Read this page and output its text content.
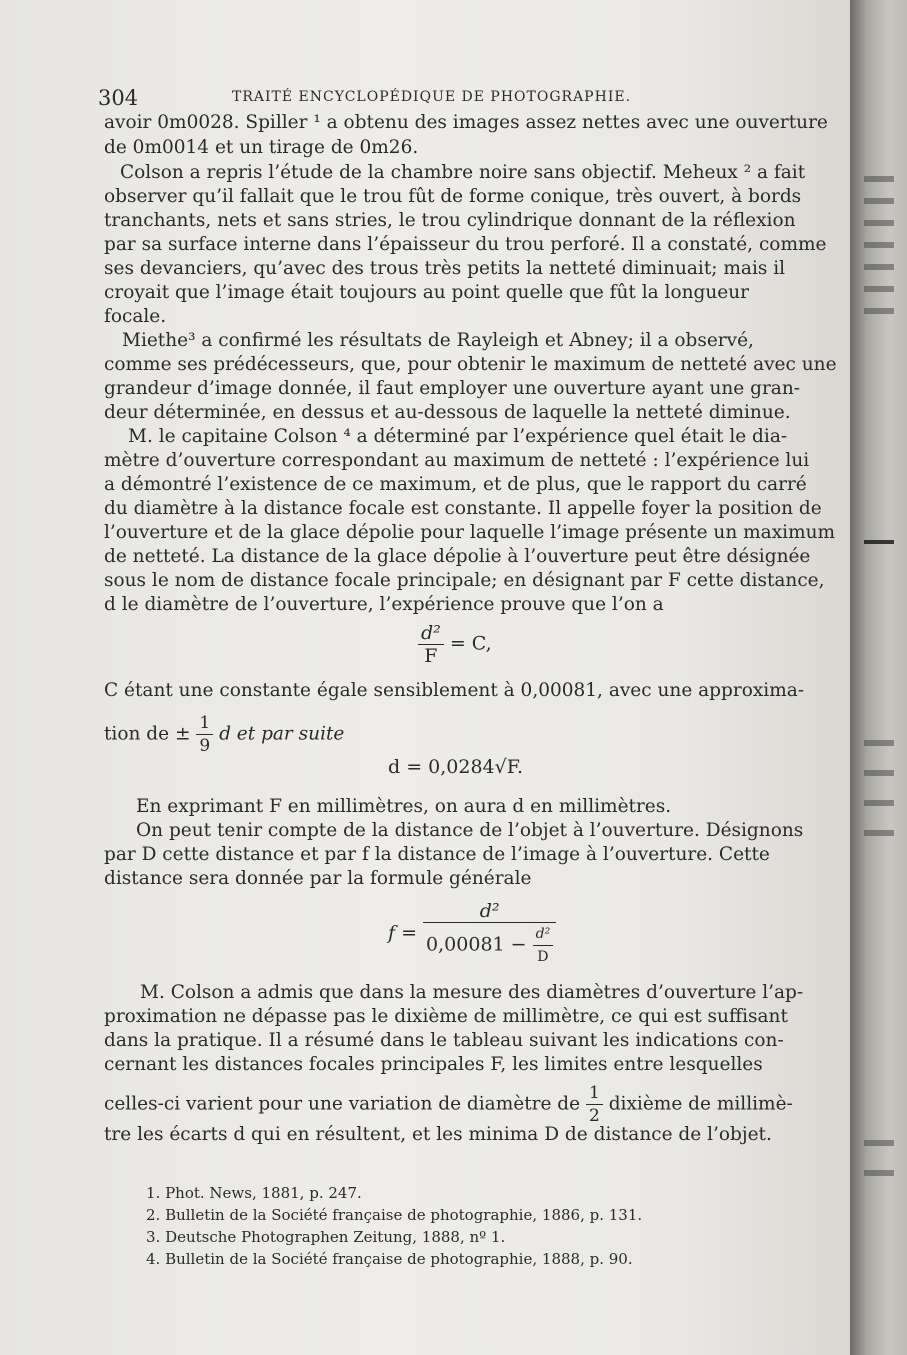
304	TRAITÉ ENCYCLOPÉDIQUE DE PHOTOGRAPHIE.
avoir 0m0028. Spiller ¹ a obtenu des images assez nettes avec une ouverture
de 0m0014 et un tirage de 0m26.
Colson a repris l’étude de la chambre noire sans objectif. Meheux ² a fait
observer qu’il fallait que le trou fût de forme conique, très ouvert, à bords
tranchants, nets et sans stries, le trou cylindrique donnant de la réflexion
par sa surface interne dans l’épaisseur du trou perforé. Il a constaté, comme
ses devanciers, qu’avec des trous très petits la netteté diminuait; mais il
croyait que l’image était toujours au point quelle que fût la longueur
focale.
Miethe³ a confirmé les résultats de Rayleigh et Abney; il a observé,
comme ses prédécesseurs, que, pour obtenir le maximum de netteté avec une
grandeur d’image donnée, il faut employer une ouverture ayant une gran-
deur déterminée, en dessus et au-dessous de laquelle la netteté diminue.
M. le capitaine Colson ⁴ a déterminé par l’expérience quel était le dia-
mètre d’ouverture correspondant au maximum de netteté : l’expérience lui
a démontré l’existence de ce maximum, et de plus, que le rapport du carré
du diamètre à la distance focale est constante. Il appelle foyer la position de
l’ouverture et de la glace dépolie pour laquelle l’image présente un maximum
de netteté. La distance de la glace dépolie à l’ouverture peut être désignée
sous le nom de distance focale principale; en désignant par F cette distance,
d le diamètre de l’ouverture, l’expérience prouve que l’on a
$\frac{\text{d²}}{F} = C$,
C étant une constante égale sensiblement à 0,00081, avec une approxima-
tion de ± $\frac{1}{9}$ d et par suite
d = 0,0284√F.
En exprimant F en millimètres, on aura d en millimètres.
On peut tenir compte de la distance de l’objet à l’ouverture. Désignons
par D cette distance et par f la distance de l’image à l’ouverture. Cette
distance sera donnée par la formule générale
$f = \frac{\text{d²}}{0,00081 - \frac{\text{d²}}{D}}$
M. Colson a admis que dans la mesure des diamètres d’ouverture l’ap-
proximation ne dépasse pas le dixième de millimètre, ce qui est suffisant
dans la pratique. Il a résumé dans le tableau suivant les indications con-
cernant les distances focales principales F, les limites entre lesquelles
celles-ci varient pour une variation de diamètre de $\frac{1}{2}$ dixième de millimè-
tre les écarts d qui en résultent, et les minima D de distance de l’objet.
1. Phot. News, 1881, p. 247.
2. Bulletin de la Société française de photographie, 1886, p. 131.
3. Deutsche Photographen Zeitung, 1888, nº 1.
4. Bulletin de la Société française de photographie, 1888, p. 90.
